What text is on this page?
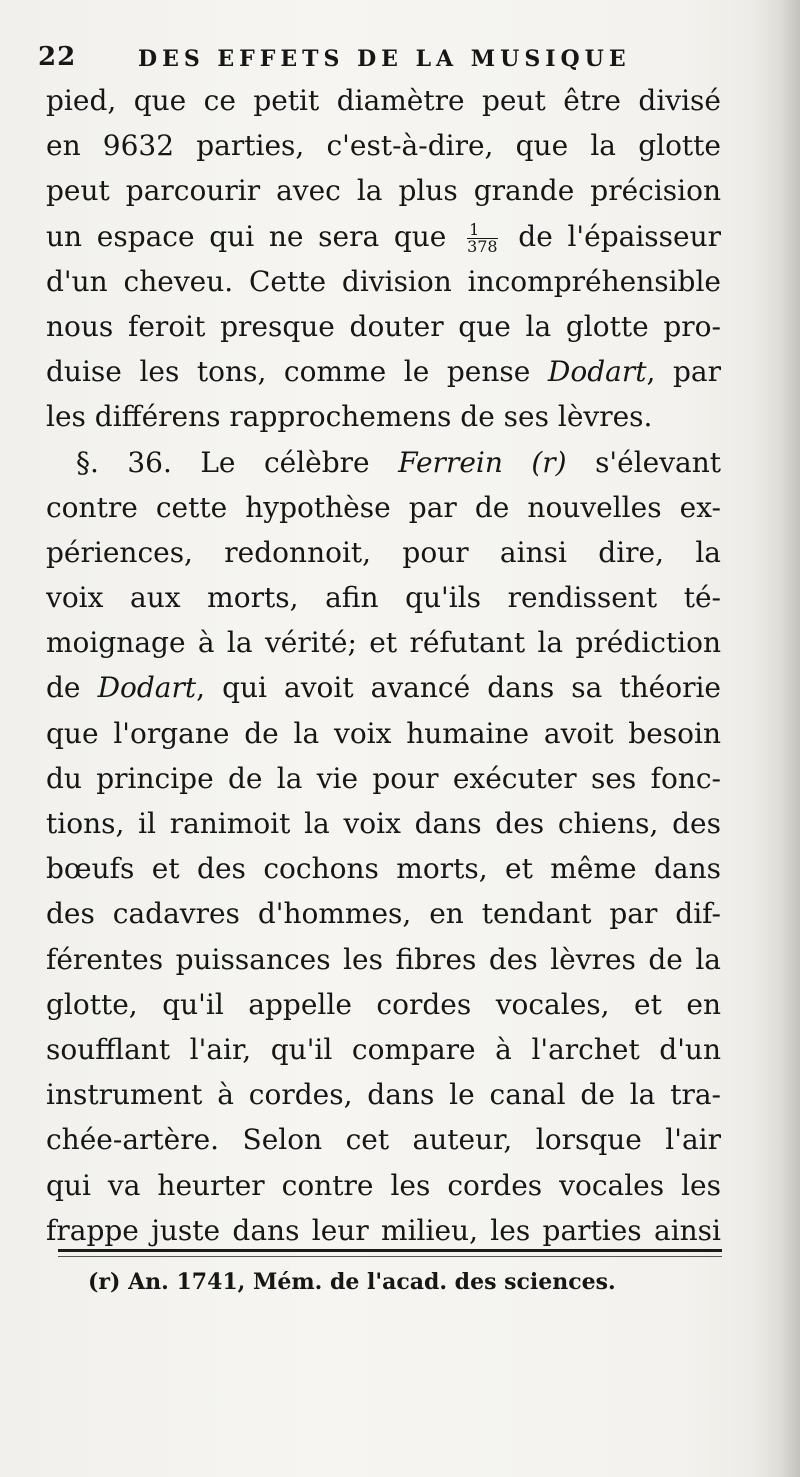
22	DES EFFETS DE LA MUSIQUE
pied, que ce petit diamètre peut être divisé
en 9632 parties, c'est-à-dire, que la glotte
peut parcourir avec la plus grande précision
un espace qui ne sera que $\frac{1}{378}$ de l'épaisseur
d'un cheveu. Cette division incompréhensible
nous feroit presque douter que la glotte pro-
duise les tons, comme le pense Dodart, par
les différens rapprochemens de ses lèvres.
§. 36. Le célèbre Ferrein (r) s'élevant
contre cette hypothèse par de nouvelles ex-
périences, redonnoit, pour ainsi dire, la
voix aux morts, afin qu'ils rendissent té-
moignage à la vérité; et réfutant la prédiction
de Dodart, qui avoit avancé dans sa théorie
que l'organe de la voix humaine avoit besoin
du principe de la vie pour exécuter ses fonc-
tions, il ranimoit la voix dans des chiens, des
bœufs et des cochons morts, et même dans
des cadavres d'hommes, en tendant par dif-
férentes puissances les fibres des lèvres de la
glotte, qu'il appelle cordes vocales, et en
soufflant l'air, qu'il compare à l'archet d'un
instrument à cordes, dans le canal de la tra-
chée-artère. Selon cet auteur, lorsque l'air
qui va heurter contre les cordes vocales les
frappe juste dans leur milieu, les parties ainsi
(r) An. 1741, Mém. de l'acad. des sciences.
